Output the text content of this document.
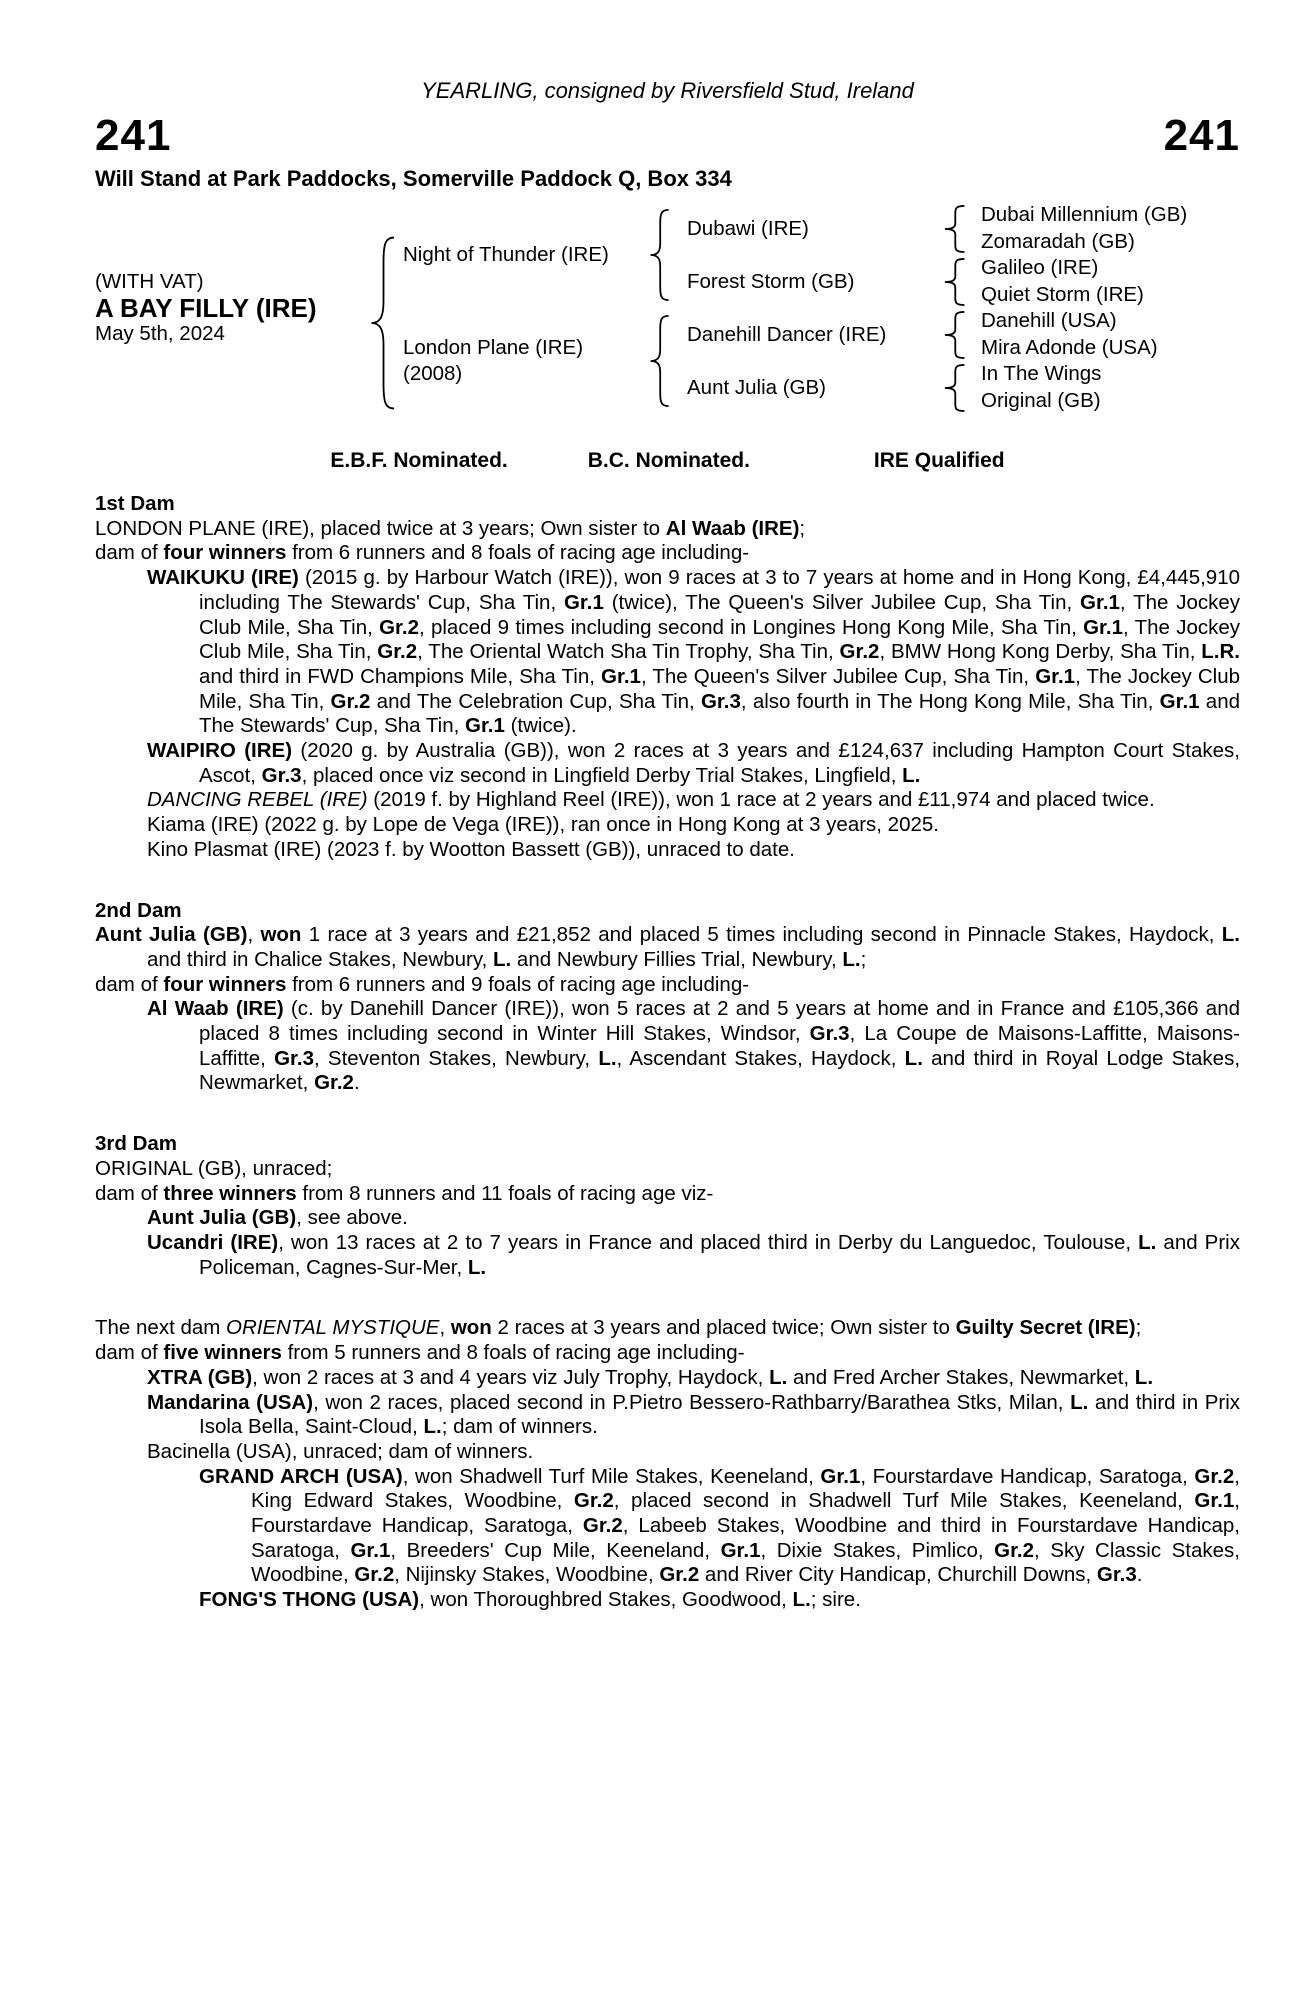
YEARLING, consigned by Riversfield Stud, Ireland
241	241
Will Stand at Park Paddocks, Somerville Paddock Q, Box 334
(WITH VAT)
A BAY FILLY (IRE)
May 5th, 2024
Night of Thunder (IRE)
London Plane (IRE)
(2008)
Dubawi (IRE)
Forest Storm (GB)
Danehill Dancer (IRE)
Aunt Julia (GB)
Dubai Millennium (GB)
Zomaradah (GB)
Galileo (IRE)
Quiet Storm (IRE)
Danehill (USA)
Mira Adonde (USA)
In The Wings
Original (GB)
E.B.F. Nominated.	B.C. Nominated.	IRE Qualified
1st Dam

LONDON PLANE (IRE), placed twice at 3 years; Own sister to Al Waab (IRE);

dam of four winners from 6 runners and 8 foals of racing age including-

WAIKUKU (IRE) (2015 g. by Harbour Watch (IRE)), won 9 races at 3 to 7 years at home and in Hong Kong, £4,445,910 including The Stewards' Cup, Sha Tin, Gr.1 (twice), The Queen's Silver Jubilee Cup, Sha Tin, Gr.1, The Jockey Club Mile, Sha Tin, Gr.2, placed 9 times including second in Longines Hong Kong Mile, Sha Tin, Gr.1, The Jockey Club Mile, Sha Tin, Gr.2, The Oriental Watch Sha Tin Trophy, Sha Tin, Gr.2, BMW Hong Kong Derby, Sha Tin, L.R. and third in FWD Champions Mile, Sha Tin, Gr.1, The Queen's Silver Jubilee Cup, Sha Tin, Gr.1, The Jockey Club Mile, Sha Tin, Gr.2 and The Celebration Cup, Sha Tin, Gr.3, also fourth in The Hong Kong Mile, Sha Tin, Gr.1 and The Stewards' Cup, Sha Tin, Gr.1 (twice).

WAIPIRO (IRE) (2020 g. by Australia (GB)), won 2 races at 3 years and £124,637 including Hampton Court Stakes, Ascot, Gr.3, placed once viz second in Lingfield Derby Trial Stakes, Lingfield, L.

DANCING REBEL (IRE) (2019 f. by Highland Reel (IRE)), won 1 race at 2 years and £11,974 and placed twice.

Kiama (IRE) (2022 g. by Lope de Vega (IRE)), ran once in Hong Kong at 3 years, 2025.

Kino Plasmat (IRE) (2023 f. by Wootton Bassett (GB)), unraced to date.

2nd Dam

Aunt Julia (GB), won 1 race at 3 years and £21,852 and placed 5 times including second in Pinnacle Stakes, Haydock, L. and third in Chalice Stakes, Newbury, L. and Newbury Fillies Trial, Newbury, L.;

dam of four winners from 6 runners and 9 foals of racing age including-

Al Waab (IRE) (c. by Danehill Dancer (IRE)), won 5 races at 2 and 5 years at home and in France and £105,366 and placed 8 times including second in Winter Hill Stakes, Windsor, Gr.3, La Coupe de Maisons-Laffitte, Maisons-Laffitte, Gr.3, Steventon Stakes, Newbury, L., Ascendant Stakes, Haydock, L. and third in Royal Lodge Stakes, Newmarket, Gr.2.

3rd Dam

ORIGINAL (GB), unraced;

dam of three winners from 8 runners and 11 foals of racing age viz-

Aunt Julia (GB), see above.

Ucandri (IRE), won 13 races at 2 to 7 years in France and placed third in Derby du Languedoc, Toulouse, L. and Prix Policeman, Cagnes-Sur-Mer, L.

The next dam ORIENTAL MYSTIQUE, won 2 races at 3 years and placed twice; Own sister to Guilty Secret (IRE);

dam of five winners from 5 runners and 8 foals of racing age including-

XTRA (GB), won 2 races at 3 and 4 years viz July Trophy, Haydock, L. and Fred Archer Stakes, Newmarket, L.

Mandarina (USA), won 2 races, placed second in P.Pietro Bessero-Rathbarry/Barathea Stks, Milan, L. and third in Prix Isola Bella, Saint-Cloud, L.; dam of winners.

Bacinella (USA), unraced; dam of winners.

GRAND ARCH (USA), won Shadwell Turf Mile Stakes, Keeneland, Gr.1, Fourstardave Handicap, Saratoga, Gr.2, King Edward Stakes, Woodbine, Gr.2, placed second in Shadwell Turf Mile Stakes, Keeneland, Gr.1, Fourstardave Handicap, Saratoga, Gr.2, Labeeb Stakes, Woodbine and third in Fourstardave Handicap, Saratoga, Gr.1, Breeders' Cup Mile, Keeneland, Gr.1, Dixie Stakes, Pimlico, Gr.2, Sky Classic Stakes, Woodbine, Gr.2, Nijinsky Stakes, Woodbine, Gr.2 and River City Handicap, Churchill Downs, Gr.3.

FONG'S THONG (USA), won Thoroughbred Stakes, Goodwood, L.; sire.
